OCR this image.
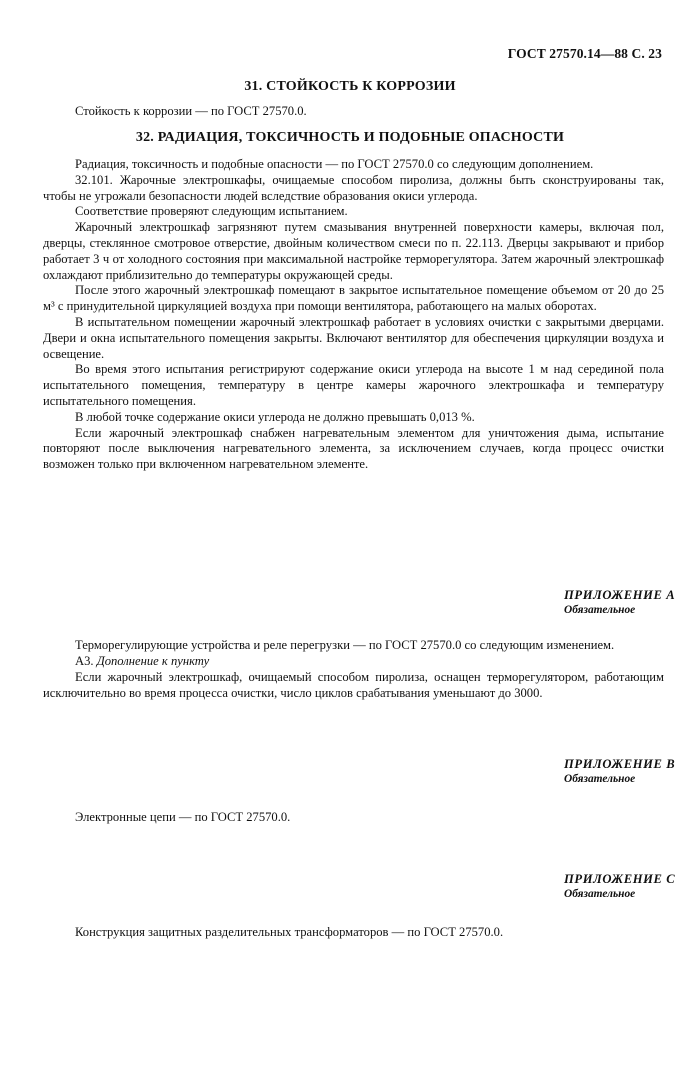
ГОСТ 27570.14—88 С. 23
31. СТОЙКОСТЬ К КОРРОЗИИ
Стойкость к коррозии — по ГОСТ 27570.0.
32. РАДИАЦИЯ, ТОКСИЧНОСТЬ И ПОДОБНЫЕ ОПАСНОСТИ

Радиация, токсичность и подобные опасности — по ГОСТ 27570.0 со следующим дополнением.

32.101. Жарочные электрошкафы, очищаемые способом пиролиза, должны быть сконструированы так, чтобы не угрожали безопасности людей вследствие образования окиси углерода.

Соответствие проверяют следующим испытанием.

Жарочный электрошкаф загрязняют путем смазывания внутренней поверхности камеры, включая пол, дверцы, стеклянное смотровое отверстие, двойным количеством смеси по п. 22.113. Дверцы закрывают и прибор работает 3 ч от холодного состояния при максимальной настройке терморегулятора. Затем жарочный электрошкаф охлаждают приблизительно до температуры окружающей среды.

После этого жарочный электрошкаф помещают в закрытое испытательное помещение объемом от 20 до 25 м³ с принудительной циркуляцией воздуха при помощи вентилятора, работающего на малых оборотах.

В испытательном помещении жарочный электрошкаф работает в условиях очистки с закрытыми дверцами. Двери и окна испытательного помещения закрыты. Включают вентилятор для обеспечения циркуляции воздуха и освещение.

Во время этого испытания регистрируют содержание окиси углерода на высоте 1 м над серединой пола испытательного помещения, температуру в центре камеры жарочного электрошкафа и температуру испытательного помещения.

В любой точке содержание окиси углерода не должно превышать 0,013 %.

Если жарочный электрошкаф снабжен нагревательным элементом для уничтожения дыма, испытание повторяют после выключения нагревательного элемента, за исключением случаев, когда процесс очистки возможен только при включенном нагревательном элементе.

ПРИЛОЖЕНИЕ А
Обязательное
Терморегулирующие устройства и реле перегрузки — по ГОСТ 27570.0 со следующим изменением.
А3. Дополнение к пункту

Если жарочный электрошкаф, очищаемый способом пиролиза, оснащен терморегулятором, работающим исключительно во время процесса очистки, число циклов срабатывания уменьшают до 3000.

ПРИЛОЖЕНИЕ В
Обязательное
Электронные цепи — по ГОСТ 27570.0.
ПРИЛОЖЕНИЕ С
Обязательное
Конструкция защитных разделительных трансформаторов — по ГОСТ 27570.0.
